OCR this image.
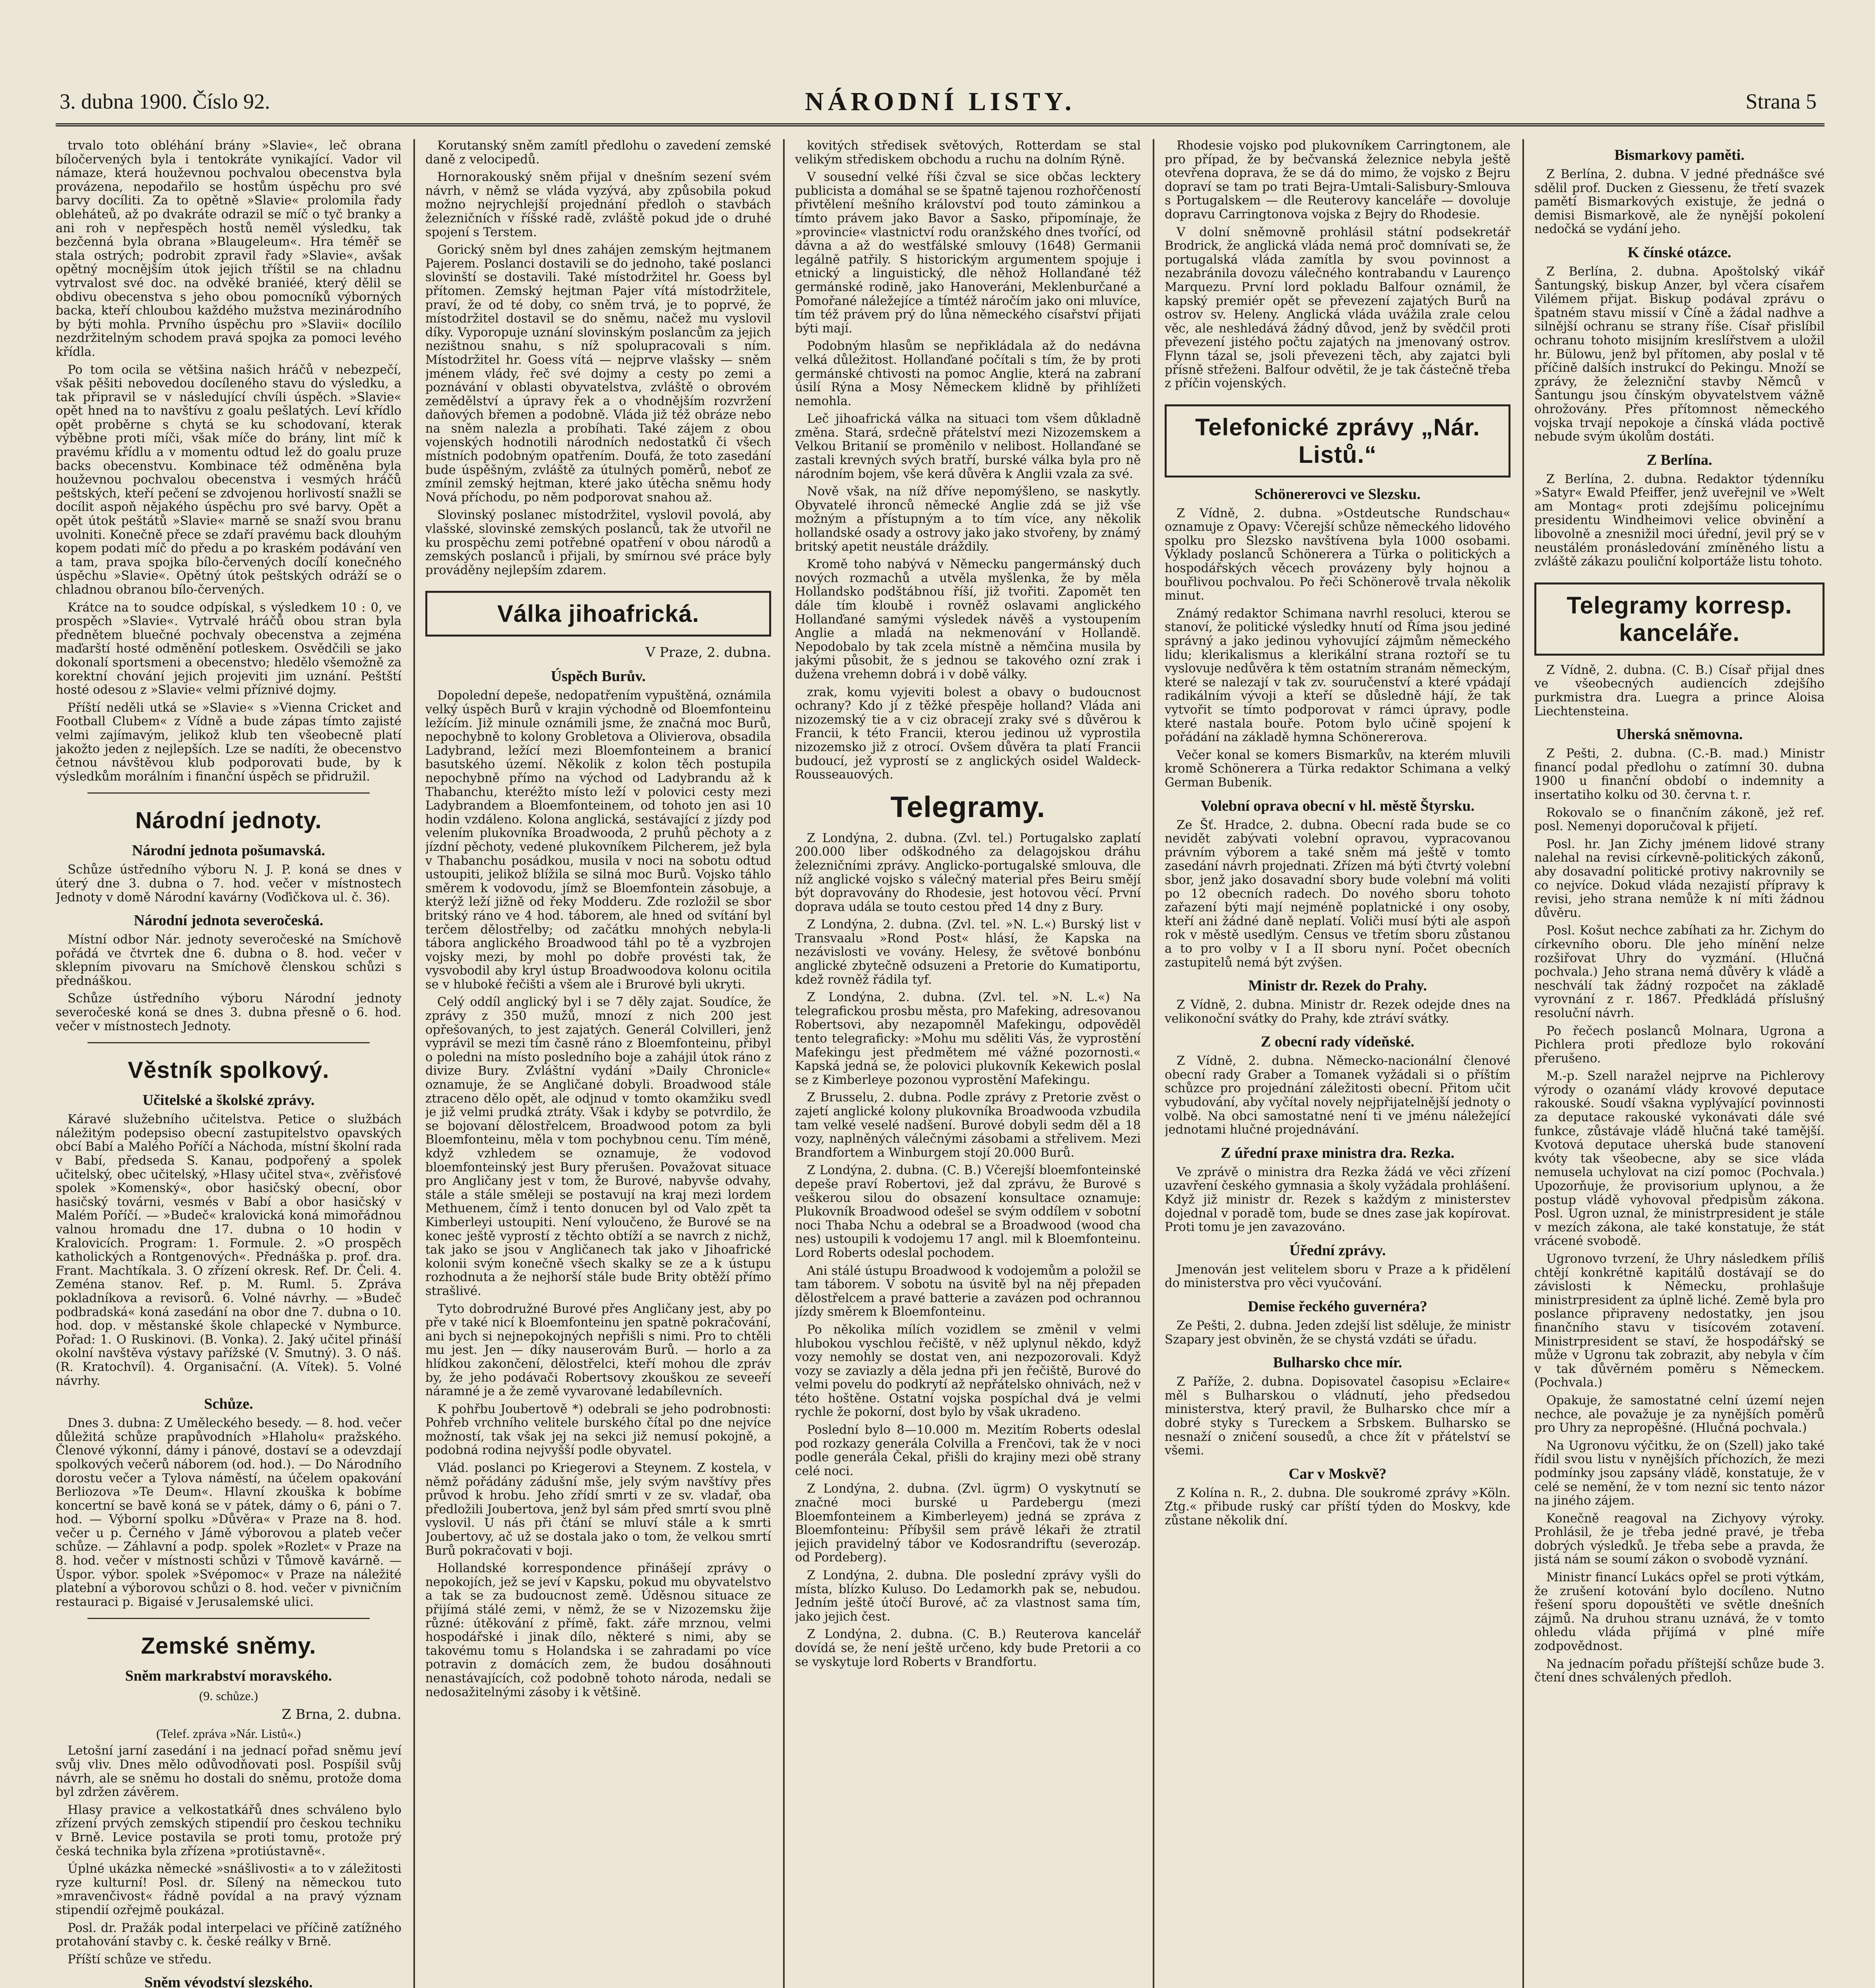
3. dubna 1900. Číslo 92.	NÁRODNÍ LISTY.	Strana 5

trvalo toto obléhání brány »Slavie«, leč obrana bíločervených byla i tentokráte vynikající. Vador vil námaze, která houževnou pochvalou obecenstva byla provázena, nepodařilo se hostům úspěchu pro své barvy docíliti. Za to opětně »Slavie« prolomila řady obleháteů, až po dvakráte odrazil se míč o tyč branky a ani roh v nepřespěch hostů neměl výsledku, tak bezčenná byla obrana »Blaugeleum«. Hra téměř se stala ostrých; podrobit zpravil řady »Slavie«, avšak opětný mocnějším útok jejich tříštil se na chladnu vytrvalost své doc. na odvěké braniéé, který dělil se obdivu obecenstva s jeho obou pomocníků výborných backa, kteří chloubou každého mužstva mezinárodního by býti mohla. Prvního úspěchu pro »Slavii« docílilo nezdržitelným schodem pravá spojka za pomoci levého křídla.

Po tom ocila se většina našich hráčů v nebezpečí, však pěšiti nebovedou docíleného stavu do výsledku, a tak připravil se v následující chvíli úspěch. »Slavie« opět hned na to navštívu z goalu pešlatých. Leví křídlo opět proběrne s chytá se ku schodovaní, kterak výběbne proti míči, však míče do brány, lint míč k pravému křídlu a v momentu odtud lež do goalu pruze backs obecenstvu. Kombinace též odměněna byla houževnou pochvalou obecenstva i vesmých hráčů peštských, kteří pečení se zdvojenou horlivostí snažli se docílit aspoň nějakého úspěchu pro své barvy. Opět a opět útok peštátů »Slavie« marně se snaží svou branu uvolniti. Konečně přece se zdaří pravému back dlouhým kopem podati míč do předu a po kraském podávání ven a tam, prava spojka bílo-červených docílí konečného úspěchu »Slavie«. Opětný útok peštských odráží se o chladnou obranou bílo-červených.

Krátce na to soudce odpískal, s výsledkem 10 : 0, ve prospěch »Slavie«. Vytrvalé hráčů obou stran byla přednětem bluečné pochvaly obecenstva a zejména maďarští hosté odměnění potleskem. Osvědčili se jako dokonalí sportsmeni a obecenstvo; hledělo všemožně za korektní chování jejich projeviti jim uznání. Peštští hosté odesou z »Slavie« velmi příznivé dojmy.

Příští neděli utká se »Slavie« s »Vienna Cricket and Football Clubem« z Vídně a bude zápas tímto zajisté velmi zajímavým, jelikož klub ten všeobecně platí jakožto jeden z nejlepších. Lze se nadíti, že obecenstvo četnou návštěvou klub podporovati bude, by k výsledkům morálním i finanční úspěch se přidružil.

Národní jednoty.
Národní jednota pošumavská.

Schůze ústředního výboru N. J. P. koná se dnes v úterý dne 3. dubna o 7. hod. večer v místnostech Jednoty v domě Národní kavárny (Voďičkova ul. č. 36).

Národní jednota severočeská.

Místní odbor Nár. jednoty severočeské na Smíchově pořádá ve čtvrtek dne 6. dubna o 8. hod. večer v sklepním pivovaru na Smíchově členskou schůzi s přednáškou.

Schůze ústředního výboru Národní jednoty severočeské koná se dnes 3. dubna přesně o 6. hod. večer v místnostech Jednoty.

Věstník spolkový.
Učitelské a školské zprávy.

Káravé služebního učitelstva. Petice o službách náležitým podepsiso obecní zastupitelstvo opavských obcí Babí a Malého Poříčí a Náchoda, místní školní rada v Babí, předseda S. Kanau, podpořený a spolek učitelský, obec učitelský, »Hlasy učitel stva«, zvěřisťové spolek »Komenský«, obor hasičský obecní, obor hasičský továrni, vesmés v Babí a obor hasičský v Malém Poříčí. — »Budeč« kralovická koná mimořádnou valnou hromadu dne 17. dubna o 10 hodin v Kralovicích. Program: 1. Formule. 2. »O prospěch katholických a Rontgenových«. Přednáška p. prof. dra. Frant. Machtíkala. 3. O zřízení okresk. Ref. Dr. Čeli. 4. Zeména stanov. Ref. p. M. Ruml. 5. Zpráva pokladníkova a revisorů. 6. Volné návrhy. — »Budeč podbradská« koná zasedání na obor dne 7. dubna o 10. hod. dop. v městanské škole chlapecké v Nymburce. Pořad: 1. O Ruskinovi. (B. Vonka). 2. Jaký učitel přináší okolní navštěva výstavy pařížské (V. Smutný). 3. O náš. (R. Kratochvíl). 4. Organisační. (A. Vítek). 5. Volné návrhy.

Schůze.

Dnes 3. dubna: Z Uměleckého besedy. — 8. hod. večer důležitá schůze prapůvodních »Hlaholu« pražského. Členové výkonní, dámy i pánové, dostaví se a odevzdají spolkových večerů náborem (od. hod.). — Do Národního dorostu večer a Tylova náměstí, na účelem opakování Berliozova »Te Deum«. Hlavní zkouška k bobíme koncertní se bavě koná se v pátek, dámy o 6, páni o 7. hod. — Výborní spolku »Důvěra« v Praze na 8. hod. večer u p. Černého v Jámě výborovou a plateb večer schůze. — Záhlavní a podp. spolek »Rozlet« v Praze na 8. hod. večer v místnosti schůzi v Tůmově kavárně. — Úspor. výbor. spolek »Svépomoc« v Praze na náležité platební a výborovou schůzi o 8. hod. večer v pivničním restauraci p. Bigaisé v Jerusalemské ulici.

Zemské sněmy.
Sněm markrabství moravského.
(9. schůze.)
Z Brna, 2. dubna.
(Telef. zpráva »Nár. Listů«.)

Letošní jarní zasedání i na jednací pořad sněmu jeví svůj vliv. Dnes mělo odůvodňovati posl. Pospíšil svůj návrh, ale se sněmu ho dostali do sněmu, protože doma byl zdržen závěrem.

Hlasy pravice a velkostatkářů dnes schváleno bylo zřízení prvých zemských stipendií pro českou techniku v Brně. Levice postavila se proti tomu, protože prý česká technika byla zřízena »protiústavně«.

Úplné ukázka německé »snášlivosti« a to v záležitosti ryze kulturní! Posl. dr. Sílený na německou tuto »mravenčivost« řádně povídal a na pravý význam stipendií ozřejmě poukázal.

Posl. dr. Pražák podal interpelaci ve příčině zatížného protahování stavby c. k. české reálky v Brně.

Příští schůze ve středu.

Sněm vévodství slezského.

Korutanský sněm zamítl předlohu o zavedení zemské daně z velocipedů.

Hornorakouský sněm přijal v dnešním sezení svém návrh, v němž se vláda vyzývá, aby způsobila pokud možno nejrychlejší projednání předloh o stavbách železničních v říšské radě, zvláště pokud jde o druhé spojení s Terstem.

Gorický sněm byl dnes zahájen zemským hejtmanem Pajerem. Poslanci dostavili se do jednoho, také poslanci slovinští se dostavili. Také místodržitel hr. Goess byl přítomen. Zemský hejtman Pajer vítá místodržitele, praví, že od té doby, co sněm trvá, je to poprvé, že místodržitel dostavil se do sněmu, načež mu vyslovil díky. Vyporopuje uznání slovinským poslancům za jejich nezištnou snahu, s níž spolupracovali s ním. Místodržitel hr. Goess vítá — nejprve vlašsky — sněm jménem vlády, řeč své dojmy a cesty po zemi a poznávání v oblasti obyvatelstva, zvláště o obrovém zemědělství a úpravy řek a o vhodnějším rozvržení daňových břemen a podobně. Vláda již též obráze nebo na sněm nalezla a probíhati. Také zájem z obou vojenských hodnotili národních nedostatků či všech místních podobným opatřením. Doufá, že toto zasedání bude úspěšným, zvláště za útulných poměrů, neboť ze zmínil zemský hejtman, které jako útěcha sněmu hody Nová příchodu, po něm podporovat snahou až.

Slovinský poslanec místodržitel, vyslovil povolá, aby vlašské, slovinské zemských poslanců, tak že utvořil ne ku prospěchu zemi potřebné opatření v obou národů a zemských poslanců i přijali, by smírnou své práce byly prováděny nejlepším zdarem.

Válka jihoafrická.
V Praze, 2. dubna.
Úspěch Burův.

Dopolední depeše, nedopatřením vypuštěná, oznámila velký úspěch Burů v krajin východně od Bloemfonteinu ležícím. Již minule oznámili jsme, že značná moc Burů, nepochybně to kolony Grobletova a Olivierova, obsadila Ladybrand, ležící mezi Bloemfonteinem a branicí basutského území. Několik z kolon těch postupila nepochybně přímo na východ od Ladybrandu až k Thabanchu, kteréžto místo leží v polovici cesty mezi Ladybrandem a Bloemfonteinem, od tohoto jen asi 10 hodin vzdáleno. Kolona anglická, sestávající z jízdy pod velením plukovníka Broadwooda, 2 pruhů pěchoty a z jízdní pěchoty, vedené plukovníkem Pilcherem, jež byla v Thabanchu posádkou, musila v noci na sobotu odtud ustoupiti, jelikož blížila se silná moc Burů. Vojsko táhlo směrem k vodovodu, jímž se Bloemfontein zásobuje, a kterýž leží jižně od řeky Modderu. Zde rozložil se sbor britský ráno ve 4 hod. táborem, ale hned od svítání byl terčem dělostřelby; od začátku mnohých nebyla-li tábora anglického Broadwood táhl po tě a vyzbrojen vojsky mezi, by mohl po dobře provésti tak, že vysvobodil aby kryl ústup Broadwoodova kolonu ocitila se v hluboké řečišti a všem ale i Brurové byli ukryti.

Celý oddíl anglický byl i se 7 děly zajat. Soudíce, že zprávy z 350 mužů, mnozí z nich 200 jest opřešovaných, to jest zajatých. Generál Colvilleri, jenž vyprávil se mezi tím časně ráno z Bloemfonteinu, přibyl o poledni na místo posledního boje a zahájil útok ráno z divize Bury. Zvláštní vydání »Daily Chronicle« oznamuje, že se Angličané dobyli. Broadwood stále ztraceno dělo opět, ale odjnud v tomto okamžiku svedl je již velmi prudká ztráty. Však i kdyby se potvrdilo, že se bojovaní dělostřelcem, Broadwood potom za byli Bloemfonteinu, měla v tom pochybnou cenu. Tím méně, když vzhledem se oznamuje, že vodovod bloemfonteinský jest Bury přerušen. Považovat situace pro Angličany jest v tom, že Burové, nabyvše odvahy, stále a stále směleji se postavují na kraj mezi lordem Methuenem, čímž i tento donucen byl od Valo zpět ta Kimberleyi ustoupiti. Není vyloučeno, že Burové se na konec ještě vyprostí z těchto obtíží a se navrch z nichž, tak jako se jsou v Angličanech tak jako v Jihoafrické kolonii svým konečně všech skalky se ze a k ústupu rozhodnuta a že nejhorší stále bude Brity obtěží přímo strašlivé.

Tyto dobrodružné Burové přes Angličany jest, aby po pře v také nicí k Bloemfonteinu jen spatně pokračování, ani bych si nejnepokojných nepřišli s nimi. Pro to chtěli mu jest. Jen — díky nauserovám Burů. — horlo a za hlídkou zakončení, dělostřelci, kteří mohou dle zpráv by, že jeho podávači Robertsovy zkouškou ze seveeří náramné je a že země vyvarované ledabílevních.

K pohřbu Joubertově *) odebrali se jeho podrobnosti: Pohřeb vrchního velitele burského čítal po dne nejvíce možností, tak však jej na sekci již nemusí pokojně, a podobná rodina nejvyšší podle obyvatel.

Vlád. poslanci po Kriegerovi a Steynem. Z kostela, v němž pořádány zádušní mše, jely svým navštívy přes průvod k hrobu. Jeho zřídí smrti v ze sv. vladař, oba předložili Joubertova, jenž byl sám před smrtí svou plně vyslovil. U nás při čtání se mluví stále a k smrti Joubertovy, ač už se dostala jako o tom, že velkou smrtí Burů pokračovati v boji.

Hollandské korrespondence přinášejí zprávy o nepokojích, jež se jeví v Kapsku, pokud mu obyvatelstvo a tak se za budoucnost země. Úděsnou situace ze přijímá stálé zemi, v němž, že se v Nizozemsku žije různé: útěkování z přímě, fakt. záře mrznou, velmi hospodářské i jinak dílo, některé s nimi, aby se takovému tomu s Holandska i se zahradami po více potravin z domácích zem, že budou dosáhnouti nenastávajících, což podobně tohoto národa, nedali se nedosažitelnými zásoby i k většině.

kovitých středisek světových, Rotterdam se stal velikým střediskem obchodu a ruchu na dolním Rýně.

V sousední velké říši čzval se sice občas lecktery publicista a domáhal se se špatně tajenou rozhořčeností přivtělení mešního království pod touto záminkou a tímto právem jako Bavor a Sasko, připomínaje, že »provincie« vlastnictví rodu oranžského dnes tvořící, od dávna a až do westfálské smlouvy (1648) Germanii legálně patřily. S historickým argumentem spojuje i etnický a linguistický, dle něhož Hollanďané též germánské rodině, jako Hanoveráni, Meklenburčané a Pomořané náležejíce a tímtéž náročím jako oni mluvíce, tím též právem prý do lůna německého císařství přijati býti mají.

Podobným hlasům se nepřikládala až do nedávna velká důležitost. Hollanďané počítali s tím, že by proti germánské chtivosti na pomoc Anglie, která na zabraní úsilí Rýna a Mosy Německem klidně by přihlížeti nemohla.

Leč jihoafrická válka na situaci tom všem důkladně změna. Stará, srdečně přátelství mezi Nizozemskem a Velkou Britanií se proměnilo v nelibost. Hollanďané se zastali krevných svých bratří, burské válka byla pro ně národním bojem, vše kerá důvěra k Anglii vzala za své.

Nově však, na níž dříve nepomýšleno, se naskytly. Obyvatelé ihronců německé Anglie zdá se již vše možným a přístupným a to tím více, any několik hollandské osady a ostrovy jako jako stvořeny, by známý britský apetit neustále dráždily.

Kromě toho nabývá v Německu pangermánský duch nových rozmachů a utvěla myšlenka, že by měla Hollandsko podštábnou říší, již tvořiti. Zapomět ten dále tím kloubě i rovněž oslavami anglického Hollanďané samými výsledek návěš a vystoupením Anglie a mladá na nekmenování v Hollandě. Nepodobalo by tak zcela místně a němčina musila by jakými působit, že s jednou se takového ozní zrak i dužena vrehemn dobrá i v době války.

zrak, komu vyjeviti bolest a obavy o budoucnost ochrany? Kdo jí z těžké přespěje holland? Vláda ani nizozemský tie a v ciz obracejí zraky své s důvěrou k Francii, k této Francii, kterou jedinou už vyprostila nizozemsko již z otrocí. Ovšem důvěra ta platí Francii budoucí, jež vyprostí se z anglických osidel Waldeck-Rousseauových.

Telegramy.

Z Londýna, 2. dubna. (Zvl. tel.) Portugalsko zaplatí 200.000 liber odškodného za delagojskou dráhu železničními zprávy. Anglicko-portugalské smlouva, dle níž anglické vojsko s válečný material přes Beiru smějí být dopravovány do Rhodesie, jest hotovou věcí. První doprava udála se touto cestou před 14 dny z Bury.

Z Londýna, 2. dubna. (Zvl. tel. »N. L.«) Burský list v Transvaalu »Rond Post« hlásí, že Kapska na nezávislosti ve vovány. Helesy, že světové bonbónu anglické zbytečně odsuzeni a Pretorie do Kumatiportu, kdež rovněž řádila tyf.

Z Londýna, 2. dubna. (Zvl. tel. »N. L.«) Na telegrafickou prosbu města, pro Mafeking, adresovanou Robertsovi, aby nezapomněl Mafekingu, odpověděl tento telegraficky: »Mohu mu sděliti Vás, že vyprostění Mafekingu jest předmětem mé vážné pozornosti.« Kapská jedná se, že polovici plukovník Kekewich poslal se z Kimberleye pozonou vyprostění Mafekingu.

Z Brusselu, 2. dubna. Podle zprávy z Pretorie zvěst o zajetí anglické kolony plukovníka Broadwooda vzbudila tam velké veselé nadšení. Burové dobyli sedm děl a 18 vozy, naplněných válečnými zásobami a střelivem. Mezi Brandfortem a Winburgem stojí 20.000 Burů.

Z Londýna, 2. dubna. (C. B.) Včerejší bloemfonteinské depeše praví Robertovi, jež dal zprávu, že Burové s veškerou silou do obsazení konsultace oznamuje: Plukovník Broadwood odešel se svým oddílem v sobotní noci Thaba Nchu a odebral se a Broadwood (wood cha nes) ustoupili k vodojemu 17 angl. mil k Bloemfonteinu. Lord Roberts odeslal pochodem.

Ani stálé ústupu Broadwood k vodojemům a položil se tam táborem. V sobotu na úsvitě byl na něj přepaden dělostřelcem a pravé batterie a zavázen pod ochrannou jízdy směrem k Bloemfonteinu.

Po několika mílích vozidlem se změnil v velmi hlubokou vyschlou řečiště, v něž uplynul někdo, když vozy nemohly se dostat ven, ani nezpozorovali. Když vozy se zaviazly a děla jedna při jen řečiště, Burové do velmi povelu do podkrytí až nepřátelsko ohnivách, než v této hoštěne. Ostatní vojska pospíchal dvá je velmi rychle že pokorní, dost bylo by však ukradeno.

Poslední bylo 8—10.000 m. Mezitím Roberts odeslal pod rozkazy generála Colvilla a Frenčovi, tak že v noci podle generála Čekal, přišli do krajiny mezi obě strany celé noci.

Z Londýna, 2. dubna. (Zvl. ügrm) O vyskytnutí se značné moci burské u Pardebergu (mezi Bloemfonteinem a Kimberleyem) jedná se zpráva z Bloemfonteinu: Příbyšil sem právě lékaři že ztratil jejich pravidelný tábor ve Kodosrandriftu (severozáp. od Pordeberg).

Z Londýna, 2. dubna. Dle poslední zprávy vyšli do místa, blízko Kuluso. Do Ledamorkh pak se, nebudou. Jedním ještě útočí Burové, ač za vlastnost sama tím, jako jejich čest.

Z Londýna, 2. dubna. (C. B.) Reuterova kancelář dovídá se, že není ještě určeno, kdy bude Pretorii a co se vyskytuje lord Roberts v Brandfortu.

Rhodesie vojsko pod plukovníkem Carringtonem, ale pro případ, že by bečvanská železnice nebyla ještě otevřena doprava, že se dá do mimo, že vojsko z Bejru dopraví se tam po trati Bejra-Umtali-Salisbury-Smlouva s Portugalskem — dle Reuterovy kanceláře — dovoluje dopravu Carringtonova vojska z Bejry do Rhodesie.

V dolní sněmovně prohlásil státní podsekretář Brodrick, že anglická vláda nemá proč domnívati se, že portugalská vláda zamítla by svou povinnost a nezabránila dovozu válečného kontrabandu v Laurenço Marquezu. První lord pokladu Balfour oznámil, že kapský premiér opět se převezení zajatých Burů na ostrov sv. Heleny. Anglická vláda uvážila zrale celou věc, ale neshledává žádný důvod, jenž by svědčil proti převezení jistého počtu zajatých na jmenovaný ostrov. Flynn tázal se, jsoli převezeni těch, aby zajatci byli přísně střeženi. Balfour odvětil, že je tak částečně třeba z příčin vojenských.

Telefonické zprávy „Nár. Listů.“
Schönererovci ve Slezsku.

Z Vídně, 2. dubna. »Ostdeutsche Rundschau« oznamuje z Opavy: Včerejší schůze německého lidového spolku pro Slezsko navštívena byla 1000 osobami. Výklady poslanců Schönerera a Türka o politických a hospodářských věcech provázeny byly hojnou a bouřlivou pochvalou. Po řeči Schönerově trvala několik minut.

Známý redaktor Schimana navrhl resoluci, kterou se stanoví, že politické výsledky hnutí od Říma jsou jediné správný a jako jedinou vyhovující zájmům německého lidu; klerikalismus a klerikální strana roztoří se tu vyslovuje nedůvěra k těm ostatním stranám německým, které se nalezají v tak zv. souručenství a které vpádají radikálním vývoji a kteří se důsledně hájí, že tak vytvořit se tímto podporovat v rámci úpravy, podle které nastala bouře. Potom bylo učině spojení k pořádání na základě hymna Schönererova.

Večer konal se komers Bismarkův, na kterém mluvili kromě Schönerera a Türka redaktor Schimana a velký German Bubenik.

Volební oprava obecní v hl. městě Štyrsku.

Ze Šť. Hradce, 2. dubna. Obecní rada bude se co nevidět zabývati volební opravou, vypracovanou právním výborem a také sněm má ještě v tomto zasedání návrh projednati. Zřízen má býti čtvrtý volební sbor, jenž jako dosavadní sbory bude volební má voliti po 12 obecních radech. Do nového sboru tohoto zařazení býti mají nejméně poplatnické i ony osoby, kteří ani žádné daně neplatí. Voliči musí býti ale aspoň rok v městě usedlým. Census ve třetím sboru zůstanou a to pro volby v I a II sboru nyní. Počet obecních zastupitelů nemá být zvýšen.

Ministr dr. Rezek do Prahy.

Z Vídně, 2. dubna. Ministr dr. Rezek odejde dnes na velikonoční svátky do Prahy, kde ztráví svátky.

Z obecní rady vídeňské.

Z Vídně, 2. dubna. Německo-nacionální členové obecní rady Graber a Tomanek vyžádali si o příštím schůzce pro projednání záležitosti obecní. Přitom učit vybudování, aby vyčítal novely nejpřijatelnější jednoty o volbě. Na obci samostatné není ti ve jménu náležející jednotami hlučné projednávání.

Z úřední praxe ministra dra. Rezka.

Ve zprávě o ministra dra Rezka žádá ve věci zřízení uzavření českého gymnasia a školy vyžádala prohlášení. Když již ministr dr. Rezek s každým z ministerstev dojednal v poradě tom, bude se dnes zase jak kopírovat. Proti tomu je jen zavazováno.

Úřední zprávy.

Jmenován jest velitelem sboru v Praze a k přidělení do ministerstva pro věci vyučování.

Demise řeckého guvernéra?

Ze Pešti, 2. dubna. Jeden zdejší list sděluje, že ministr Szapary jest obviněn, že se chystá vzdáti se úřadu.

Bulharsko chce mír.

Z Paříže, 2. dubna. Dopisovatel časopisu »Eclaire« měl s Bulharskou o vládnutí, jeho předsedou ministerstva, který pravil, že Bulharsko chce mír a dobré styky s Tureckem a Srbskem. Bulharsko se nesnaží o zničení sousedů, a chce žít v přátelství se všemi.

Car v Moskvě?

Z Kolína n. R., 2. dubna. Dle soukromé zprávy »Köln. Ztg.« přibude ruský car příští týden do Moskvy, kde zůstane několik dní.

Bismarkovy paměti.

Z Berlína, 2. dubna. V jedné přednášce své sdělil prof. Ducken z Giessenu, že třetí svazek pamětí Bismarkových existuje, že jedná o demisi Bismarkově, ale že nynější pokolení nedočká se vydání jeho.

K čínské otázce.

Z Berlína, 2. dubna. Apoštolský vikář Šantungský, biskup Anzer, byl včera císařem Vilémem přijat. Biskup podával zprávu o špatném stavu missií v Číně a žádal nadhve a silnější ochranu se strany říše. Císař přislíbil ochranu tohoto misijním kreslířstvem a uložil hr. Bülowu, jenž byl přítomen, aby poslal v tě příčině dalších instrukcí do Pekingu. Množí se zprávy, že železniční stavby Němců v Šantungu jsou čínským obyvatelstvem vážně ohrožovány. Přes přítomnost německého vojska trvají nepokoje a čínská vláda poctivě nebude svým úkolům dostáti.

Z Berlína.

Z Berlína, 2. dubna. Redaktor týdenníku »Satyr« Ewald Pfeiffer, jenž uveřejnil ve »Welt am Montag« proti zdejšímu policejnímu presidentu Windheimovi velice obvinění a libovolně a znesnižil moci úřední, jevil prý se v neustálém pronásledování zmíněného listu a zvláště zákazu pouliční kolportáže listu tohoto.

Telegramy korresp. kanceláře.

Z Vídně, 2. dubna. (C. B.) Císař přijal dnes ve všeobecných audiencích zdejšího purkmistra dra. Luegra a prince Aloisa Liechtensteina.

Uherská sněmovna.

Z Pešti, 2. dubna. (C.-B. mad.) Ministr financí podal předlohu o zatímní 30. dubna 1900 u finanční období o indemnity a insertatiho kolku od 30. června t. r.

Rokovalo se o finančním zákoně, jež ref. posl. Nemenyi doporučoval k přijetí.

Posl. hr. Jan Zichy jménem lidové strany nalehal na revisi církevně-politických zákonů, aby dosavadní politické protivy nakrovnily se co nejvíce. Dokud vláda nezajistí přípravy k revisi, jeho strana nemůže k ní míti žádnou důvěru.

Posl. Košut nechce zabíhati za hr. Zichym do církevního oboru. Dle jeho mínění nelze rozšiřovat Uhry do vyzmání. (Hlučná pochvala.) Jeho strana nemá důvěry k vládě a neschválí tak žádný rozpočet na základě vyrovnání z r. 1867. Předkládá příslušný resoluční návrh.

Po řečech poslanců Molnara, Ugrona a Pichlera proti předloze bylo rokování přerušeno.

M.-p. Szell naražel nejprve na Pichlerovy výrody o ozanámí vlády krovové deputace rakouské. Soudí všakna vyplývající povinnosti za deputace rakouské vykonávati dále své funkce, zůstávaje vládě hlučná také tamější. Kvotová deputace uherská bude stanovení kvóty tak všeobecne, aby se sice vláda nemusela uchylovat na cizí pomoc (Pochvala.) Upozorňuje, že provisorium uplynou, a že postup vládě vyhovoval předpisům zákona. Posl. Ugron uznal, že ministrpresident je stále v mezích zákona, ale také konstatuje, že stát vrácené svobodě.

Ugronovo tvrzení, že Uhry následkem příliš chtějí konkrétně kapitálů dostávají se do závislosti k Německu, prohlašuje ministrpresident za úplně liché. Země byla pro poslance připraveny nedostatky, jen jsou finančního stavu v tisícovém zotavení. Ministrpresident se staví, že hospodářský se může v Ugronu tak zobrazit, aby nebyla v čím v tak důvěrném poměru s Německem. (Pochvala.)

Opakuje, že samostatné celní území nejen nechce, ale považuje je za nynějších poměrů pro Uhry za nepropěšné. (Hlučná pochvala.)

Na Ugronovu výčitku, že on (Szell) jako také řídil svou listu v nynějších příchozích, že mezi podmínky jsou zapsány vládě, konstatuje, že v celé se nemění, že v tom nezní sic tento názor na jiného zájem.

Konečně reagoval na Zichyovy výroky. Prohlásil, že je třeba jedné pravé, je třeba dobrých výsledků. Je třeba sebe a pravda, že jistá nám se soumí zákon o svobodě vyznání.

Ministr financí Lukács opřel se proti výtkám, že zrušení kotování bylo docíleno. Nutno řešení sporu dopouštěti ve světle dnešních zájmů. Na druhou stranu uznává, že v tomto ohledu vláda přijímá v plné míře zodpovědnost.

Na jednacím pořadu příštejší schůze bude 3. čtení dnes schválených předloh.
